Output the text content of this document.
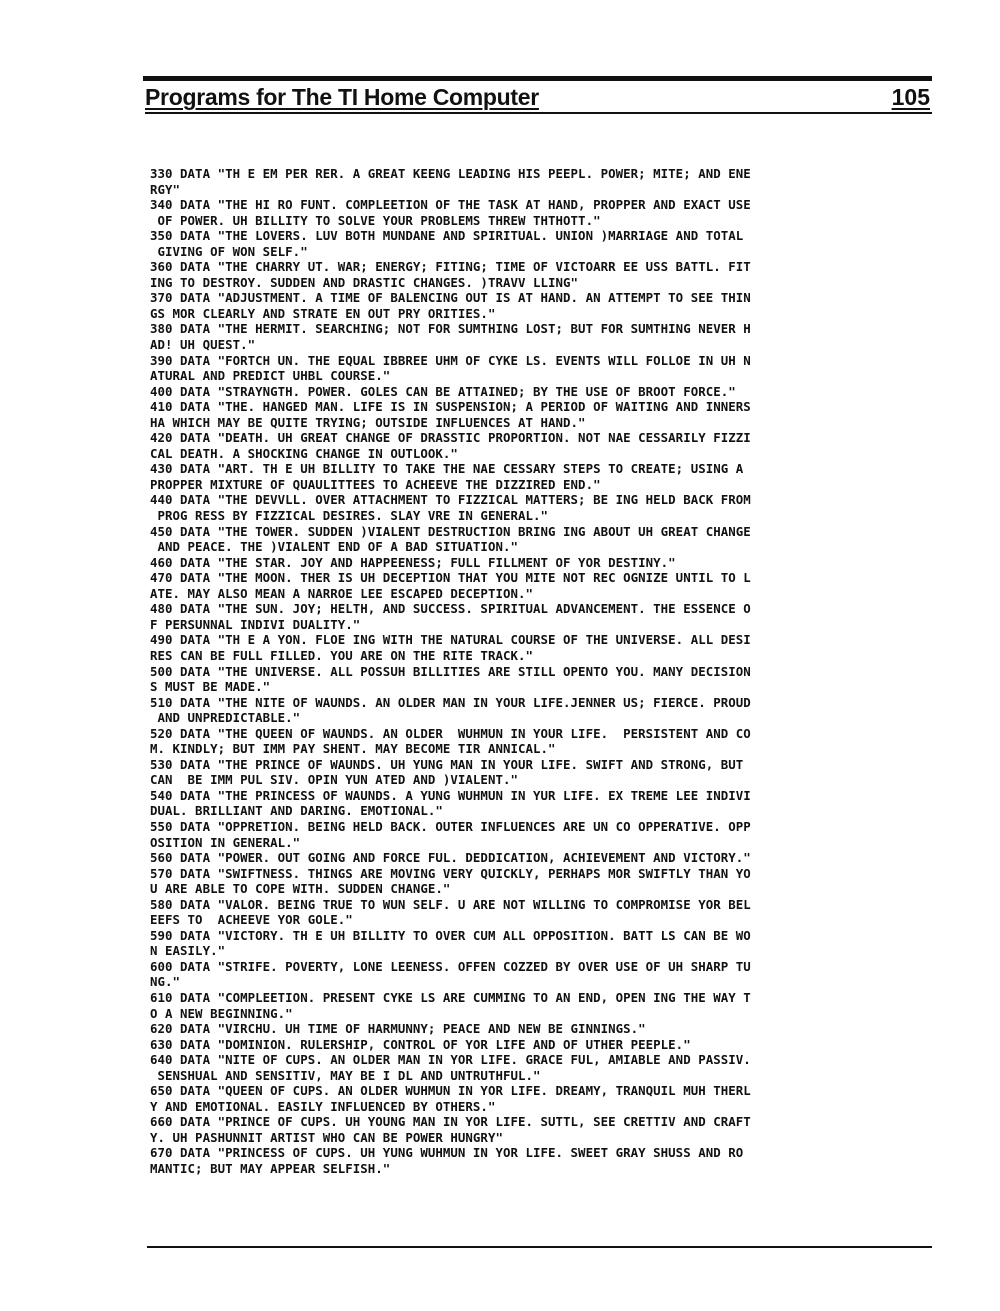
Programs for The TI Home Computer	105
330 DATA "TH E EM PER RER. A GREAT KEENG LEADING HIS PEEPL. POWER; MITE; AND ENE
RGY"
340 DATA "THE HI RO FUNT. COMPLEETION OF THE TASK AT HAND, PROPPER AND EXACT USE
OF POWER. UH BILLITY TO SOLVE YOUR PROBLEMS THREW THTHOTT."
350 DATA "THE LOVERS. LUV BOTH MUNDANE AND SPIRITUAL. UNION )MARRIAGE AND TOTAL
GIVING OF WON SELF."
360 DATA "THE CHARRY UT. WAR; ENERGY; FITING; TIME OF VICTOARR EE USS BATTL. FIT
ING TO DESTROY. SUDDEN AND DRASTIC CHANGES. )TRAVV LLING"
370 DATA "ADJUSTMENT. A TIME OF BALENCING OUT IS AT HAND. AN ATTEMPT TO SEE THIN
GS MOR CLEARLY AND STRATE EN OUT PRY ORITIES."
380 DATA "THE HERMIT. SEARCHING; NOT FOR SUMTHING LOST; BUT FOR SUMTHING NEVER H
AD! UH QUEST."
390 DATA "FORTCH UN. THE EQUAL IBBREE UHM OF CYKE LS. EVENTS WILL FOLLOE IN UH N
ATURAL AND PREDICT UHBL COURSE."
400 DATA "STRAYNGTH. POWER. GOLES CAN BE ATTAINED; BY THE USE OF BROOT FORCE."
410 DATA "THE. HANGED MAN. LIFE IS IN SUSPENSION; A PERIOD OF WAITING AND INNERS
HA WHICH MAY BE QUITE TRYING; OUTSIDE INFLUENCES AT HAND."
420 DATA "DEATH. UH GREAT CHANGE OF DRASSTIC PROPORTION. NOT NAE CESSARILY FIZZI
CAL DEATH. A SHOCKING CHANGE IN OUTLOOK."
430 DATA "ART. TH E UH BILLITY TO TAKE THE NAE CESSARY STEPS TO CREATE; USING A
PROPPER MIXTURE OF QUAULITTEES TO ACHEEVE THE DIZZIRED END."
440 DATA "THE DEVVLL. OVER ATTACHMENT TO FIZZICAL MATTERS; BE ING HELD BACK FROM
PROG RESS BY FIZZICAL DESIRES. SLAY VRE IN GENERAL."
450 DATA "THE TOWER. SUDDEN )VIALENT DESTRUCTION BRING ING ABOUT UH GREAT CHANGE
AND PEACE. THE )VIALENT END OF A BAD SITUATION."
460 DATA "THE STAR. JOY AND HAPPEENESS; FULL FILLMENT OF YOR DESTINY."
470 DATA "THE MOON. THER IS UH DECEPTION THAT YOU MITE NOT REC OGNIZE UNTIL TO L
ATE. MAY ALSO MEAN A NARROE LEE ESCAPED DECEPTION."
480 DATA "THE SUN. JOY; HELTH, AND SUCCESS. SPIRITUAL ADVANCEMENT. THE ESSENCE O
F PERSUNNAL INDIVI DUALITY."
490 DATA "TH E A YON. FLOE ING WITH THE NATURAL COURSE OF THE UNIVERSE. ALL DESI
RES CAN BE FULL FILLED. YOU ARE ON THE RITE TRACK."
500 DATA "THE UNIVERSE. ALL POSSUH BILLITIES ARE STILL OPENTO YOU. MANY DECISION
S MUST BE MADE."
510 DATA "THE NITE OF WAUNDS. AN OLDER MAN IN YOUR LIFE.JENNER US; FIERCE. PROUD
AND UNPREDICTABLE."
520 DATA "THE QUEEN OF WAUNDS. AN OLDER  WUHMUN IN YOUR LIFE.  PERSISTENT AND CO
M. KINDLY; BUT IMM PAY SHENT. MAY BECOME TIR ANNICAL."
530 DATA "THE PRINCE OF WAUNDS. UH YUNG MAN IN YOUR LIFE. SWIFT AND STRONG, BUT
CAN  BE IMM PUL SIV. OPIN YUN ATED AND )VIALENT."
540 DATA "THE PRINCESS OF WAUNDS. A YUNG WUHMUN IN YUR LIFE. EX TREME LEE INDIVI
DUAL. BRILLIANT AND DARING. EMOTIONAL."
550 DATA "OPPRETION. BEING HELD BACK. OUTER INFLUENCES ARE UN CO OPPERATIVE. OPP
OSITION IN GENERAL."
560 DATA "POWER. OUT GOING AND FORCE FUL. DEDDICATION, ACHIEVEMENT AND VICTORY."
570 DATA "SWIFTNESS. THINGS ARE MOVING VERY QUICKLY, PERHAPS MOR SWIFTLY THAN YO
U ARE ABLE TO COPE WITH. SUDDEN CHANGE."
580 DATA "VALOR. BEING TRUE TO WUN SELF. U ARE NOT WILLING TO COMPROMISE YOR BEL
EEFS TO  ACHEEVE YOR GOLE."
590 DATA "VICTORY. TH E UH BILLITY TO OVER CUM ALL OPPOSITION. BATT LS CAN BE WO
N EASILY."
600 DATA "STRIFE. POVERTY, LONE LEENESS. OFFEN COZZED BY OVER USE OF UH SHARP TU
NG."
610 DATA "COMPLEETION. PRESENT CYKE LS ARE CUMMING TO AN END, OPEN ING THE WAY T
O A NEW BEGINNING."
620 DATA "VIRCHU. UH TIME OF HARMUNNY; PEACE AND NEW BE GINNINGS."
630 DATA "DOMINION. RULERSHIP, CONTROL OF YOR LIFE AND OF UTHER PEEPLE."
640 DATA "NITE OF CUPS. AN OLDER MAN IN YOR LIFE. GRACE FUL, AMIABLE AND PASSIV.
SENSHUAL AND SENSITIV, MAY BE I DL AND UNTRUTHFUL."
650 DATA "QUEEN OF CUPS. AN OLDER WUHMUN IN YOR LIFE. DREAMY, TRANQUIL MUH THERL
Y AND EMOTIONAL. EASILY INFLUENCED BY OTHERS."
660 DATA "PRINCE OF CUPS. UH YOUNG MAN IN YOR LIFE. SUTTL, SEE CRETTIV AND CRAFT
Y. UH PASHUNNIT ARTIST WHO CAN BE POWER HUNGRY"
670 DATA "PRINCESS OF CUPS. UH YUNG WUHMUN IN YOR LIFE. SWEET GRAY SHUSS AND RO
MANTIC; BUT MAY APPEAR SELFISH."
